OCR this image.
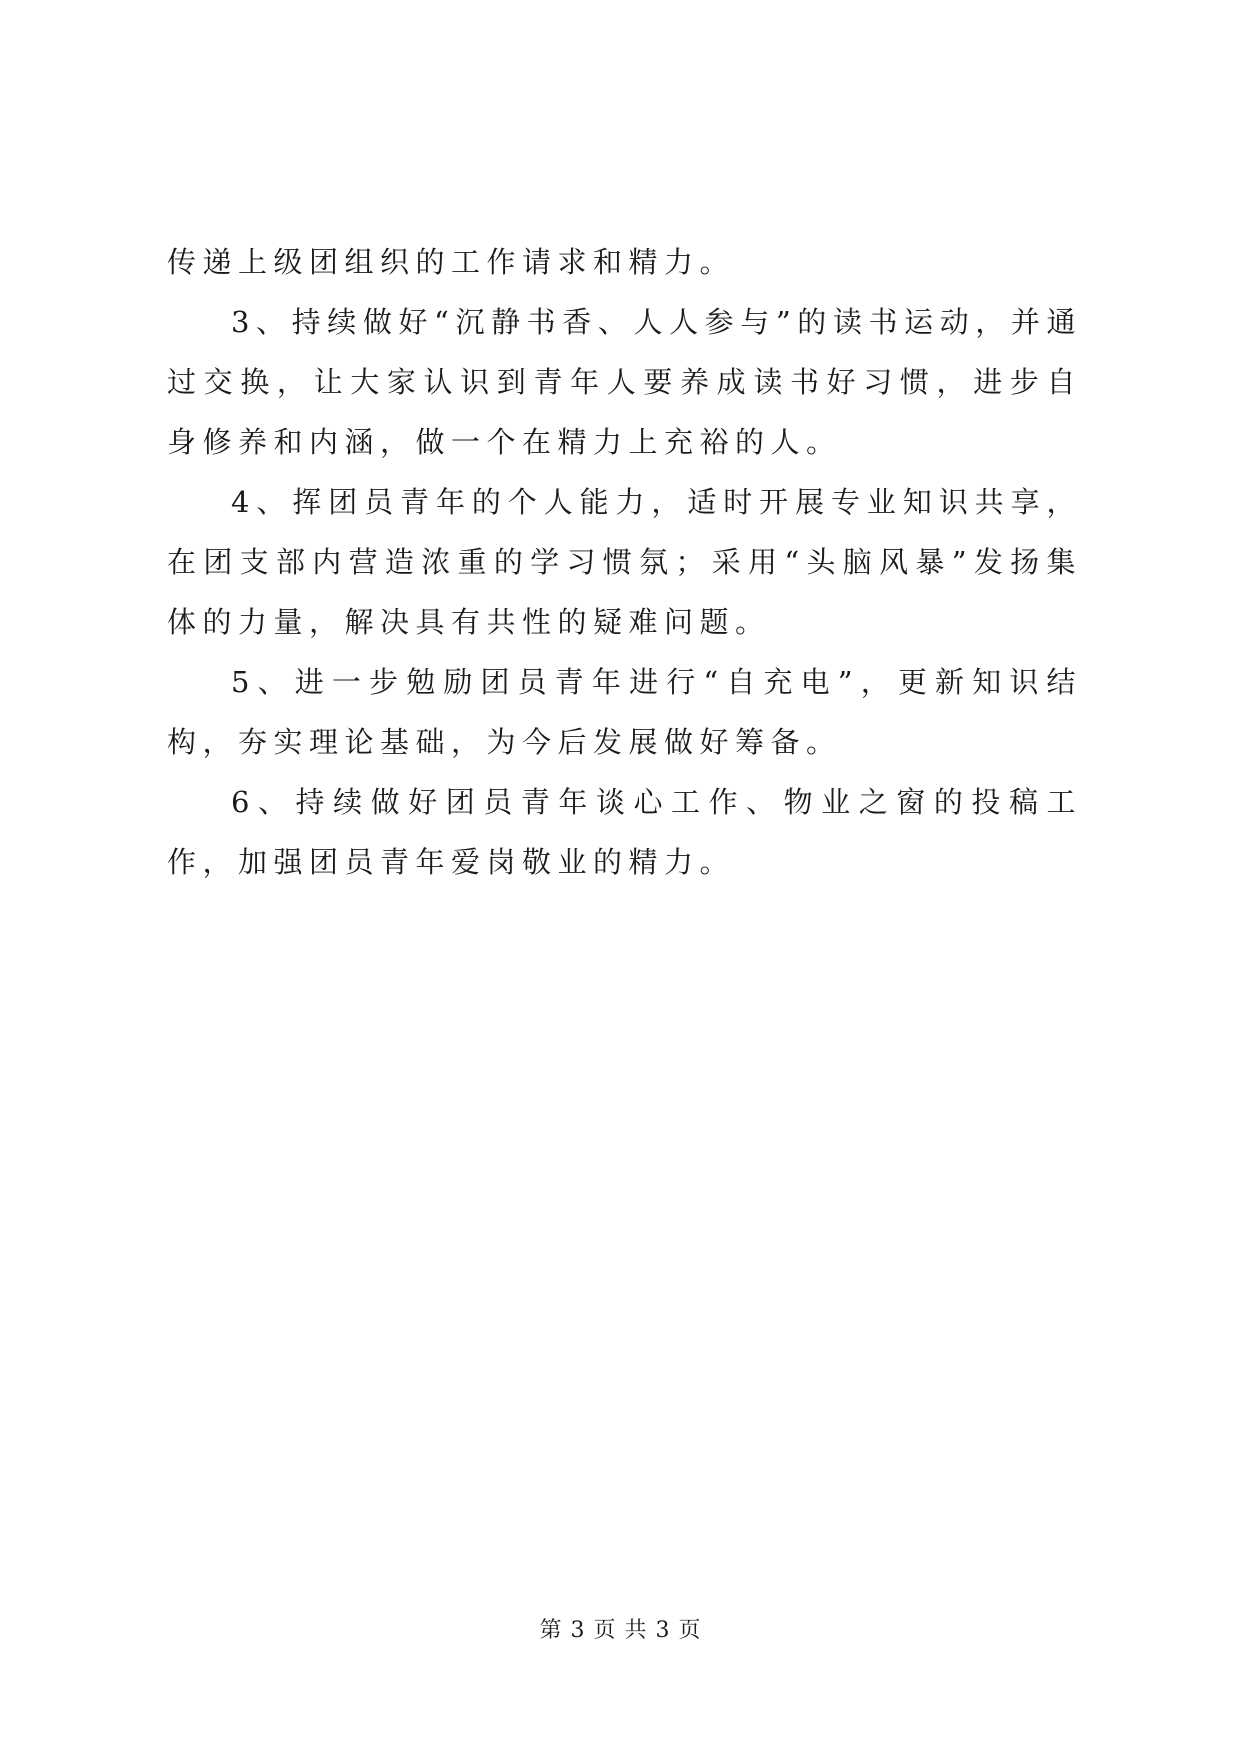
传递上级团组织的工作请求和精力。

3、持续做好“沉静书香、人人参与”的读书运动，并通过交换，让大家认识到青年人要养成读书好习惯，进步自身修养和内涵，做一个在精力上充裕的人。

4、挥团员青年的个人能力，适时开展专业知识共享，在团支部内营造浓重的学习惯氛；采用“头脑风暴”发扬集体的力量，解决具有共性的疑难问题。

5、进一步勉励团员青年进行“自充电”，更新知识结构，夯实理论基础，为今后发展做好筹备。

6、持续做好团员青年谈心工作、物业之窗的投稿工作，加强团员青年爱岗敬业的精力。

第 3 页 共 3 页
